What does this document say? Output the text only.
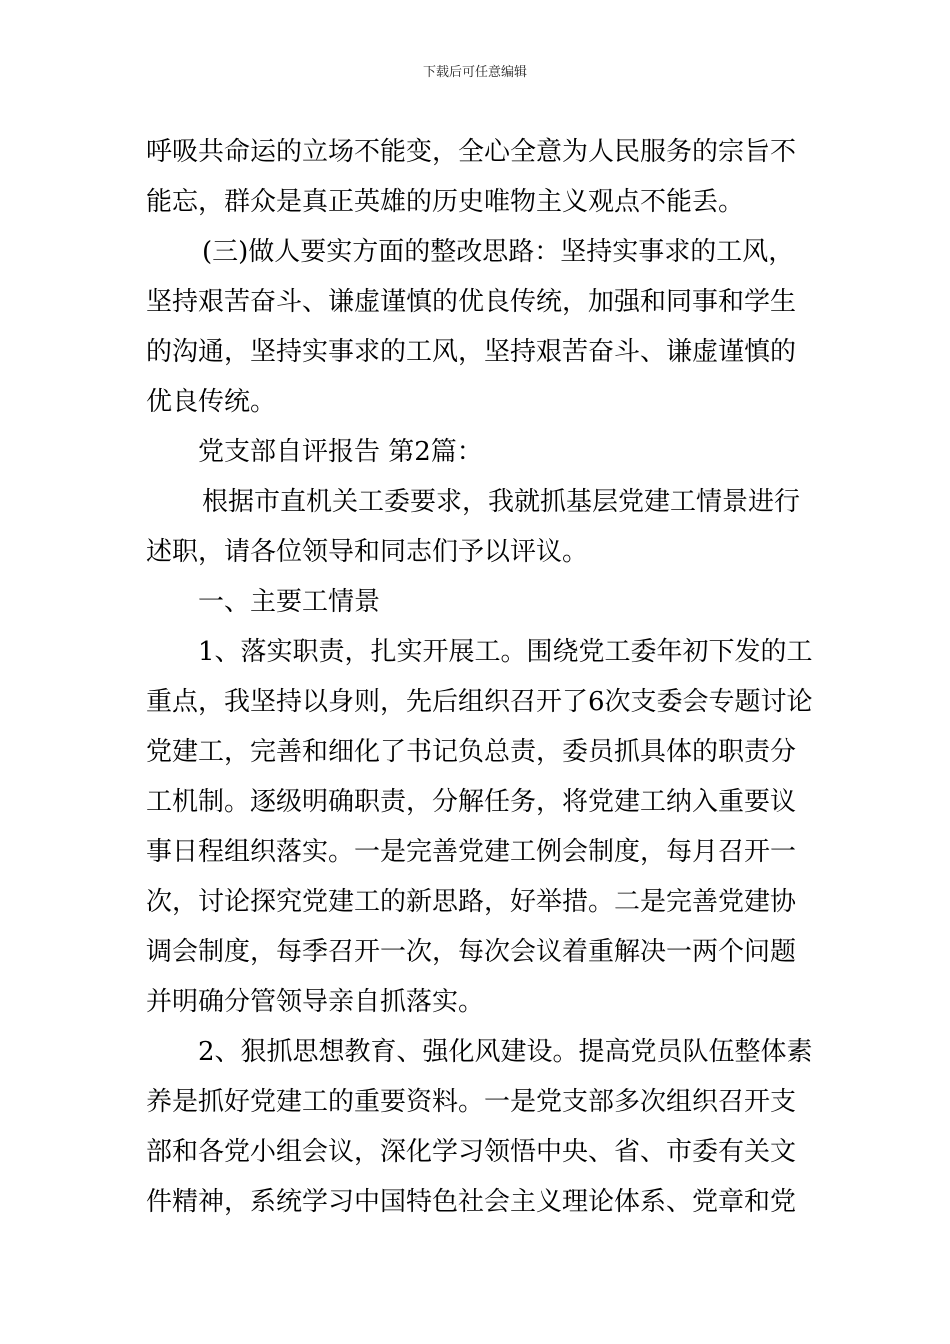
下载后可任意编辑
呼吸共命运的立场不能变，全心全意为人民服务的宗旨不
能忘，群众是真正英雄的历史唯物主义观点不能丢。
(三)做人要实方面的整改思路：坚持实事求的工风，
坚持艰苦奋斗、谦虚谨慎的优良传统，加强和同事和学生
的沟通，坚持实事求的工风，坚持艰苦奋斗、谦虚谨慎的
优良传统。
党支部自评报告 第2篇：
根据市直机关工委要求，我就抓基层党建工情景进行
述职，请各位领导和同志们予以评议。
一、主要工情景
1、落实职责，扎实开展工。围绕党工委年初下发的工
重点，我坚持以身则，先后组织召开了6次支委会专题讨论
党建工，完善和细化了书记负总责，委员抓具体的职责分
工机制。逐级明确职责，分解任务，将党建工纳入重要议
事日程组织落实。一是完善党建工例会制度，每月召开一
次，讨论探究党建工的新思路，好举措。二是完善党建协
调会制度，每季召开一次，每次会议着重解决一两个问题
并明确分管领导亲自抓落实。
2、狠抓思想教育、强化风建设。提高党员队伍整体素
养是抓好党建工的重要资料。一是党支部多次组织召开支
部和各党小组会议，深化学习领悟中央、省、市委有关文
件精神，系统学习中国特色社会主义理论体系、党章和党
